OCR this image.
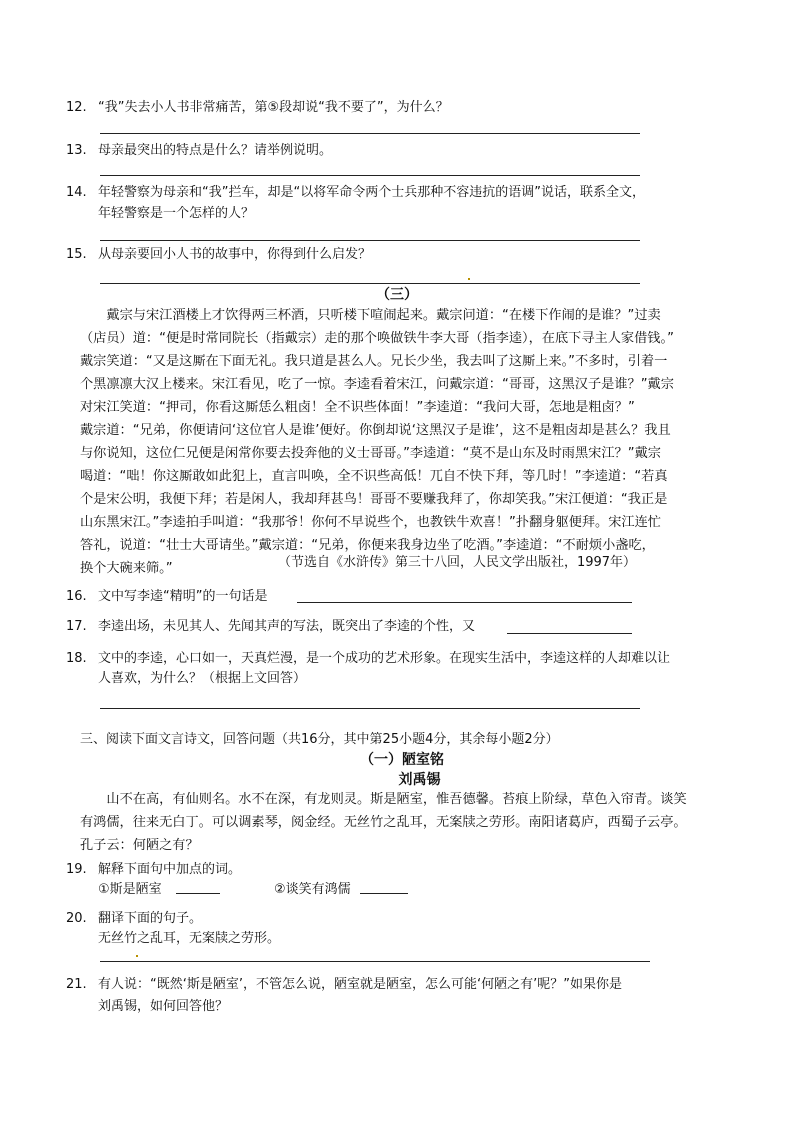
12. “我”失去小人书非常痛苦，第⑤段却说“我不要了”，为什么？
13. 母亲最突出的特点是什么？请举例说明。
14. 年轻警察为母亲和“我”拦车，却是“以将军命令两个士兵那种不容违抗的语调”说话，联系全文，
年轻警察是一个怎样的人？
15. 从母亲要回小人书的故事中，你得到什么启发？
（三）

戴宗与宋江酒楼上才饮得两三杯酒，只听楼下喧闹起来。戴宗问道：“在楼下作闹的是谁？”过卖

（店员）道：“便是时常同院长（指戴宗）走的那个唤做铁牛李大哥（指李逵），在底下寻主人家借钱。”

戴宗笑道：“又是这厮在下面无礼。我只道是甚么人。兄长少坐，我去叫了这厮上来。”不多时，引着一

个黑凛凛大汉上楼来。宋江看见，吃了一惊。李逵看着宋江，问戴宗道：“哥哥，这黑汉子是谁？”戴宗

对宋江笑道：“押司，你看这厮恁么粗卤！全不识些体面！”李逵道：“我问大哥，怎地是粗卤？”

戴宗道：“兄弟，你便请问‘这位官人是谁’便好。你倒却说‘这黑汉子是谁’，这不是粗卤却是甚么？我且

与你说知，这位仁兄便是闲常你要去投奔他的义士哥哥。”李逵道：“莫不是山东及时雨黑宋江？”戴宗

喝道：“咄！你这厮敢如此犯上，直言叫唤，全不识些高低！兀自不快下拜，等几时！”李逵道：“若真

个是宋公明，我便下拜；若是闲人，我却拜甚鸟！哥哥不要赚我拜了，你却笑我。”宋江便道：“我正是

山东黑宋江。”李逵拍手叫道：“我那爷！你何不早说些个，也教铁牛欢喜！”扑翻身躯便拜。宋江连忙

答礼，说道：“壮士大哥请坐。”戴宗道：“兄弟，你便来我身边坐了吃酒。”李逵道：“不耐烦小盏吃，

换个大碗来筛。”	（节选自《水浒传》第三十八回，人民文学出版社，1997年）
16. 文中写李逵“精明”的一句话是
17. 李逵出场，未见其人、先闻其声的写法，既突出了李逵的个性，又
18. 文中的李逵，心口如一，天真烂漫，是一个成功的艺术形象。在现实生活中，李逵这样的人却难以让
人喜欢，为什么？（根据上文回答）
三、阅读下面文言诗文，回答问题（共16分，其中第25小题4分，其余每小题2分）
（一）陋室铭
刘禹锡

山不在高，有仙则名。水不在深，有龙则灵。斯是陋室，惟吾德馨。苔痕上阶绿，草色入帘青。谈笑

有鸿儒，往来无白丁。可以调素琴，阅金经。无丝竹之乱耳，无案牍之劳形。南阳诸葛庐，西蜀子云亭。

孔子云：何陋之有？

19. 解释下面句中加点的词。
①斯是陋室	②谈笑有鸿儒
20. 翻译下面的句子。
无丝竹之乱耳，无案牍之劳形。
21. 有人说：“既然‘斯是陋室’，不管怎么说，陋室就是陋室，怎么可能‘何陋之有’呢？”如果你是
刘禹锡，如何回答他？
